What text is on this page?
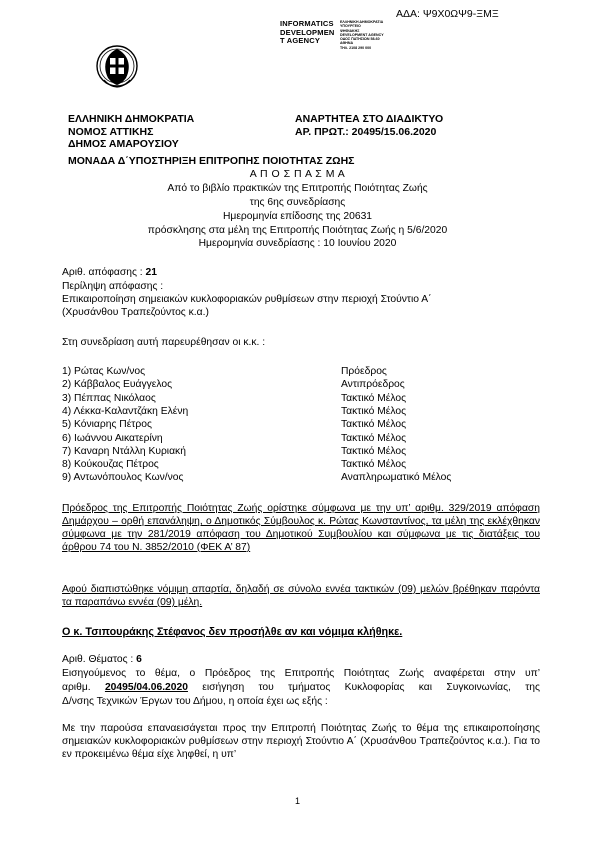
ΑΔΑ: Ψ9Χ0ΩΨ9-ΞΜΞ
INFORMATICS
DEVELOPMEN
T AGENCY
ΕΛΛΗΝΙΚΗ ΔΗΜΟΚΡΑΤΙΑ
ΥΠΟΥΡΓΕΙΟ
ΨΗΦΙΑΚΗΣ
DEVELOPMENT AGENCY
ΟΔΟΣ ΠΑΤΗΣΙΩΝ 58-60
ΑΘΗΝΑ
ΤΗΛ. 2108 290 000
ΕΛΛΗΝΙΚΗ ΔΗΜΟΚΡΑΤΙΑ
ΝΟΜΟΣ ΑΤΤΙΚΗΣ
ΔΗΜΟΣ ΑΜΑΡΟΥΣΙΟΥ
ΑΝΑΡΤΗΤΕΑ ΣΤΟ ΔΙΑΔΙΚΤΥΟ
ΑΡ. ΠΡΩΤ.: 20495/15.06.2020
ΜΟΝΑΔΑ Δ΄ΥΠΟΣΤΗΡΙΞΗ ΕΠΙΤΡΟΠΗΣ ΠΟΙΟΤΗΤΑΣ ΖΩΗΣ
Α Π Ο Σ Π Α Σ Μ Α
Από το βιβλίο πρακτικών της Επιτροπής Ποιότητας Ζωής
της 6ης συνεδρίασης
Ημερομηνία επίδοσης της 20631
πρόσκλησης στα μέλη της Επιτροπής Ποιότητας Ζωής η 5/6/2020
Ημερομηνία συνεδρίασης : 10 Ιουνίου 2020
Αριθ. απόφασης : 21
Περίληψη απόφασης :
Επικαιροποίηση σημειακών κυκλοφοριακών ρυθμίσεων στην περιοχή Στούντιο Α΄
(Χρυσάνθου Τραπεζούντος κ.α.)
Στη συνεδρίαση αυτή παρευρέθησαν οι κ.κ. :
1) Ρώτας Κων/νος	Πρόεδρος
2) Κάββαλος Ευάγγελος	Αντιπρόεδρος
3) Πέππας Νικόλαος	Τακτικό Μέλος
4) Λέκκα-Καλαντζάκη Ελένη	Τακτικό Μέλος
5) Κόνιαρης Πέτρος	Τακτικό Μέλος
6) Ιωάννου Αικατερίνη	Τακτικό Μέλος
7) Καναρη Ντάλλη Κυριακή	Τακτικό Μέλος
8) Κούκουζας Πέτρος	Τακτικό Μέλος
9) Αντωνόπουλος Κων/νος	Αναπληρωματικό Μέλος
Πρόεδρος της Επιτροπής Ποιότητας Ζωής ορίστηκε σύμφωνα με την υπ’ αριθμ. 329/2019 απόφαση Δημάρχου – ορθή επανάληψη, ο Δημοτικός Σύμβουλος κ. Ρώτας Κωνσταντίνος, τα μέλη της εκλέχθηκαν σύμφωνα με την 281/2019 απόφαση του Δημοτικού Συμβουλίου και σύμφωνα με τις διατάξεις του άρθρου 74 του Ν. 3852/2010 (ΦΕΚ Α’ 87)
Αφού διαπιστώθηκε νόμιμη απαρτία, δηλαδή σε σύνολο εννέα τακτικών (09) μελών βρέθηκαν παρόντα τα παραπάνω εννέα (09) μέλη.
Ο κ. Τσιπουράκης Στέφανος δεν προσήλθε αν και νόμιμα κλήθηκε.
Αριθ. Θέματος : 6
Εισηγούμενος το θέμα, ο Πρόεδρος της Επιτροπής Ποιότητας Ζωής αναφέρεται στην υπ’
αριθμ. 20495/04.06.2020 εισήγηση του τμήματος Κυκλοφορίας και Συγκοινωνίας, της
Δ/νσης Τεχνικών Έργων του Δήμου, η οποία έχει ως εξής :
Με την παρούσα επαναεισάγεται προς την Επιτροπή Ποιότητας Ζωής το θέμα της επικαιροποίησης σημειακών κυκλοφοριακών ρυθμίσεων στην περιοχή Στούντιο Α΄ (Χρυσάνθου Τραπεζούντος κ.α.). Για το εν προκειμένω θέμα είχε ληφθεί, η υπ’
1
